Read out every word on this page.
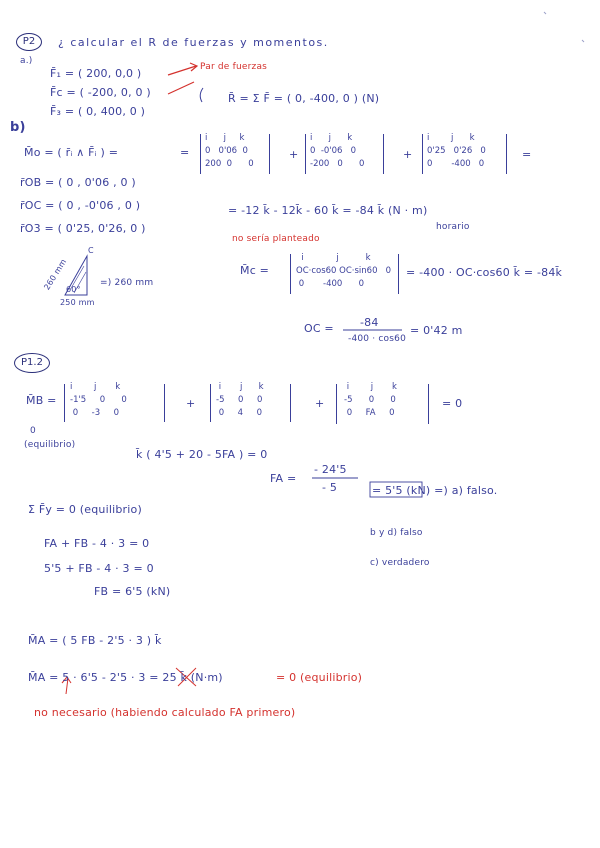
P2	¿ calcular el R de fuerzas y momentos.
a.)
F̄₁ = ( 200, 0,0 )
F̄c = ( -200, 0, 0 )
F̄₃ = ( 0, 400, 0 )
Par de fuerzas
R̄ = Σ F̄ = ( 0, -400, 0 ) (N)
b)
M̄o = ( r̄ᵢ ∧ F̄ᵢ ) =
i j k
0 0'06 0
200 0 0
=	+
i j k
0 -0'06 0
-200 0 0
+
i	j k
0'25 0'26 0
0 -400 0
=
r̄OB = ( 0 , 0'06 , 0 )
r̄OC = ( 0 , -0'06 , 0 )
r̄O3 = ( 0'25, 0'26, 0 )
= -12 k̄ - 12k̄ - 60 k̄ = -84 k̄ (N · m)
horario
no sería planteado
C
260 mm
60°
250 mm
=) 260 mm
M̄c =
i	j	k
OC·cos60 OC·sin60 0
0 -400 0
= -400 · OC·cos60 k̄ = -84k̄
OC = -84
-400 · cos60
= 0'42 m
P1.2
M̄B =
0
i	j k
-1'5 0 0
0 -3 0
+
i j k
-5 0 0
0 4 0
+
i	j k
-5 0 0
0 FA 0
= 0
(equilibrio)
k̄ ( 4'5 + 20 - 5FA ) = 0
FA =
- 24'5
- 5	= 5'5 (kN) =) a) falso.
Σ F̄y = 0 (equilibrio)
b y d) falso
c) verdadero
FA + FB - 4 · 3 = 0
5'5 + FB - 4 · 3 = 0
FB = 6'5 (kN)
M̄A = ( 5 FB - 2'5 · 3 ) k̄
M̄A = 5 · 6'5 - 2'5 · 3 = 25 k̄ (N·m)	= 0 (equilibrio)
no necesario (habiendo calculado FA primero)
